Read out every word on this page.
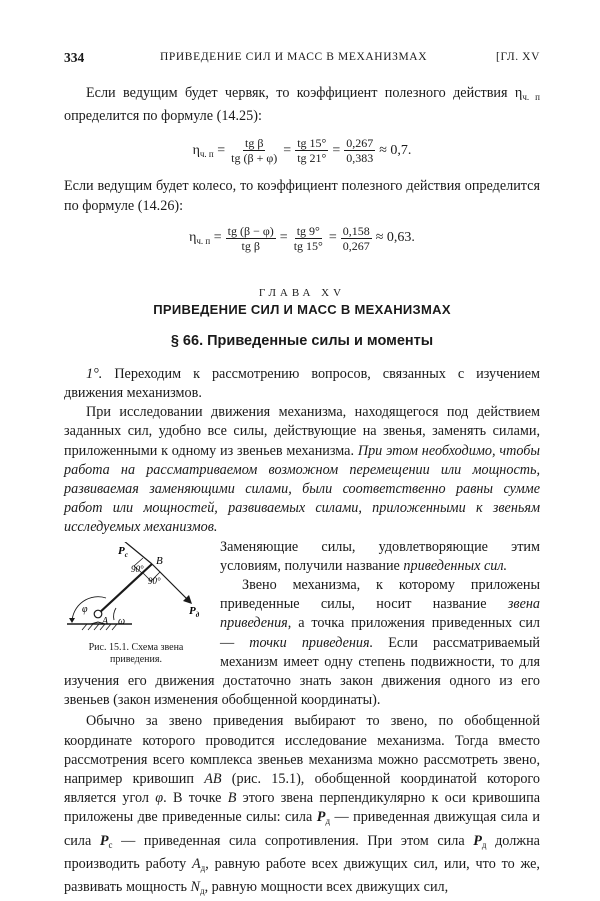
334	ПРИВЕДЕНИЕ СИЛ И МАСС В МЕХАНИЗМАХ	[ГЛ. XV

Если ведущим будет червяк, то коэффициент полезного действия $\eta_{ч. п}$ определится по формуле (14.25):

$\eta_{ч. п} = \frac{\text{tg β}}{tg (\beta + \varphi)} = \frac{tg 15^\circ}{tg 21^\circ} = \frac{0,267}{0,383} \approx 0,7$.

Если ведущим будет колесо, то коэффициент полезного действия определится по формуле (14.26):

$\eta_{ч. п} = \frac{tg (\beta - \varphi)}{\text{tg β}} = \frac{tg 9^\circ}{tg 15^\circ} = \frac{0,158}{0,267} \approx 0,63$.
ГЛАВА XV
ПРИВЕДЕНИЕ СИЛ И МАСС В МЕХАНИЗМАХ
§ 66. Приведенные силы и моменты

1°. Переходим к рассмотрению вопросов, связанных с изучением движения механизмов.

При исследовании движения механизма, находящегося под действием заданных сил, удобно все силы, действующие на звенья, заменять силами, приложенными к одному из звеньев механизма. При этом необходимо, чтобы работа на рассматриваемом возможном перемещении или мощность, развиваемая заменяющими силами, были соответственно равны сумме работ или мощностей, развиваемых силами, приложенными к звеньям исследуемых механизмов.

$P_с$
$P_д$
B
A
φ
ω
90°
90°
Рис. 15.1. Схема звена приведения.

Заменяющие силы, удовлетворяющие этим условиям, получили название приведенных сил.

Звено механизма, к которому приложены приведенные силы, носит название звена приведения, а точка приложения приведенных сил — точки приведения. Если рассматриваемый механизм имеет одну степень подвижности, то для изучения его движения достаточно знать закон движения одного из его звеньев (закон изменения обобщенной координаты).

Обычно за звено приведения выбирают то звено, по обобщенной координате которого проводится исследование механизма. Тогда вместо рассмотрения всего комплекса звеньев механизма можно рассмотреть звено, например кривошип AB (рис. 15.1), обобщенной координатой которого является угол φ. В точке B этого звена перпендикулярно к оси кривошипа приложены две приведенные силы: сила $P_д$ — приведенная движущая сила и сила $P_с$ — приведенная сила сопротивления. При этом сила $P_д$ должна производить работу $A_д$, равную работе всех движущих сил, или, что то же, развивать мощность $N_д$, равную мощности всех движущих сил,
